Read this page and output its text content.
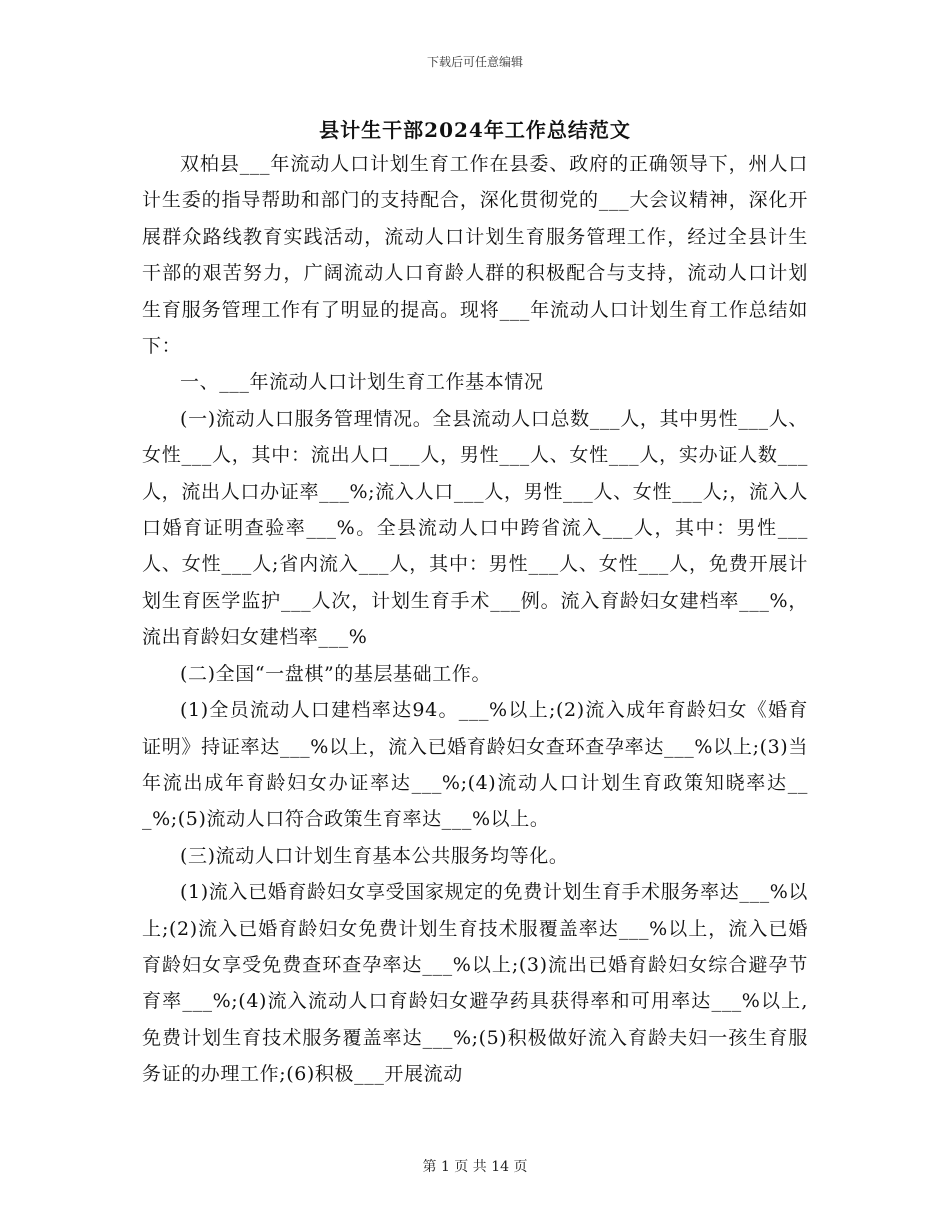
下载后可任意编辑
县计生干部2024年工作总结范文

双柏县___年流动人口计划生育工作在县委、政府的正确领导下，州人口计生委的指导帮助和部门的支持配合，深化贯彻党的___大会议精神，深化开展群众路线教育实践活动，流动人口计划生育服务管理工作，经过全县计生干部的艰苦努力，广阔流动人口育龄人群的积极配合与支持，流动人口计划生育服务管理工作有了明显的提高。现将___年流动人口计划生育工作总结如下：

一、___年流动人口计划生育工作基本情况

(一)流动人口服务管理情况。全县流动人口总数___人，其中男性___人、女性___人，其中：流出人口___人，男性___人、女性___人，实办证人数___人，流出人口办证率___%;流入人口___人，男性___人、女性___人;，流入人口婚育证明查验率___%。全县流动人口中跨省流入___人，其中：男性___人、女性___人;省内流入___人，其中：男性___人、女性___人，免费开展计划生育医学监护___人次，计划生育手术___例。流入育龄妇女建档率___%，流出育龄妇女建档率___%

(二)全国“一盘棋”的基层基础工作。

(1)全员流动人口建档率达94。___%以上;(2)流入成年育龄妇女《婚育证明》持证率达___%以上，流入已婚育龄妇女查环查孕率达___%以上;(3)当年流出成年育龄妇女办证率达___%;(4)流动人口计划生育政策知晓率达___%;(5)流动人口符合政策生育率达___%以上。

(三)流动人口计划生育基本公共服务均等化。

(1)流入已婚育龄妇女享受国家规定的免费计划生育手术服务率达___%以上;(2)流入已婚育龄妇女免费计划生育技术服覆盖率达___%以上，流入已婚育龄妇女享受免费查环查孕率达___%以上;(3)流出已婚育龄妇女综合避孕节育率___%;(4)流入流动人口育龄妇女避孕药具获得率和可用率达___%以上,免费计划生育技术服务覆盖率达___%;(5)积极做好流入育龄夫妇一孩生育服务证的办理工作;(6)积极___开展流动

第 1 页 共 14 页
